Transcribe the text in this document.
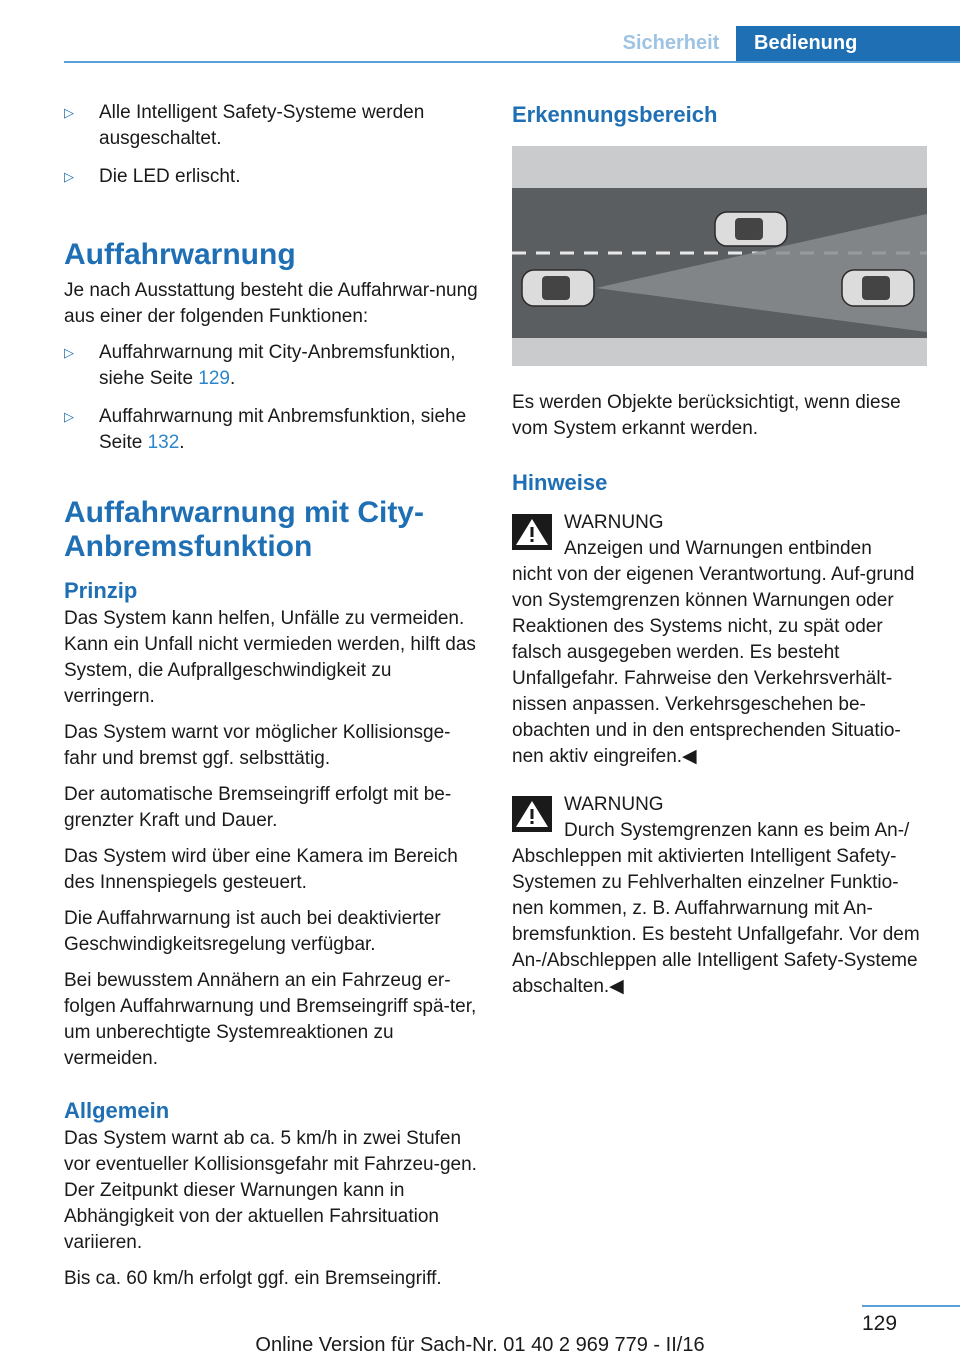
Sicherheit	Bedienung
▷	Alle Intelligent Safety-Systeme werden ausgeschaltet.
▷	Die LED erlischt.
Auffahrwarnung

Je nach Ausstattung besteht die Auffahrwar-nung aus einer der folgenden Funktionen:

▷	Auffahrwarnung mit City-Anbremsfunktion, siehe Seite 129.
▷	Auffahrwarnung mit Anbremsfunktion, siehe Seite 132.
Auffahrwarnung mit City-Anbremsfunktion
Prinzip

Das System kann helfen, Unfälle zu vermeiden. Kann ein Unfall nicht vermieden werden, hilft das System, die Aufprallgeschwindigkeit zu verringern.

Das System warnt vor möglicher Kollisionsge-fahr und bremst ggf. selbsttätig.

Der automatische Bremseingriff erfolgt mit be-grenzter Kraft und Dauer.

Das System wird über eine Kamera im Bereich des Innenspiegels gesteuert.

Die Auffahrwarnung ist auch bei deaktivierter Geschwindigkeitsregelung verfügbar.

Bei bewusstem Annähern an ein Fahrzeug er-folgen Auffahrwarnung und Bremseingriff spä-ter, um unberechtigte Systemreaktionen zu vermeiden.

Allgemein

Das System warnt ab ca. 5 km/h in zwei Stufen vor eventueller Kollisionsgefahr mit Fahrzeu-gen. Der Zeitpunkt dieser Warnungen kann in Abhängigkeit von der aktuellen Fahrsituation variieren.

Bis ca. 60 km/h erfolgt ggf. ein Bremseingriff.

Erkennungsbereich

Es werden Objekte berücksichtigt, wenn diese vom System erkannt werden.

Hinweise
WARNUNG
Anzeigen und Warnungen entbinden

nicht von der eigenen Verantwortung. Auf-grund von Systemgrenzen können Warnungen oder Reaktionen des Systems nicht, zu spät oder falsch ausgegeben werden. Es besteht Unfallgefahr. Fahrweise den Verkehrsverhält-nissen anpassen. Verkehrsgeschehen be-obachten und in den entsprechenden Situatio-nen aktiv eingreifen.◀

WARNUNG
Durch Systemgrenzen kann es beim An-/

Abschleppen mit aktivierten Intelligent Safety-Systemen zu Fehlverhalten einzelner Funktio-nen kommen, z. B. Auffahrwarnung mit An-bremsfunktion. Es besteht Unfallgefahr. Vor dem An-/Abschleppen alle Intelligent Safety-Systeme abschalten.◀

129
Online Version für Sach-Nr. 01 40 2 969 779 - II/16
